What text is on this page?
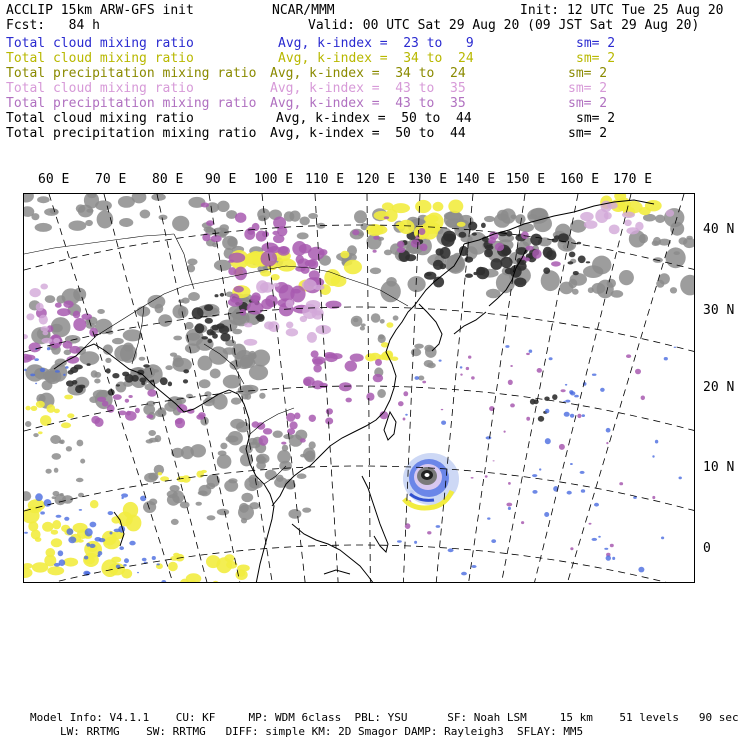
ACCLIP 15km ARW-GFS init	NCAR/MMM	Init: 12 UTC Tue 25 Aug 20
Fcst:   84 h	Valid: 00 UTC Sat 29 Aug 20 (09 JST Sat 29 Aug 20)
Total cloud mixing ratio	Avg, k-index =  23 to   9	sm= 2
Total cloud mixing ratio	Avg, k-index =  34 to  24	sm= 2
Total precipitation mixing ratio Avg, k-index =  34 to  24	sm= 2
Total cloud mixing ratio	Avg, k-index =  43 to  35	sm= 2
Total precipitation mixing ratio Avg, k-index =  43 to  35	sm= 2
Total cloud mixing ratio	Avg, k-index =  50 to  44	sm= 2
Total precipitation mixing ratio Avg, k-index =  50 to  44	sm= 2
60 E 70 E 80 E 90 E 100 E 110 E 120 E 130 E 140 E 150 E 160 E 170 E
40 N
30 N
20 N
10 N
0
Model Info: V4.1.1    CU: KF     MP: WDM 6class  PBL: YSU      SF: Noah LSM     15 km    51 levels   90 sec
LW: RRTMG    SW: RRTMG   DIFF: simple KM: 2D Smagor DAMP: Rayleigh3  SFLAY: MM5
